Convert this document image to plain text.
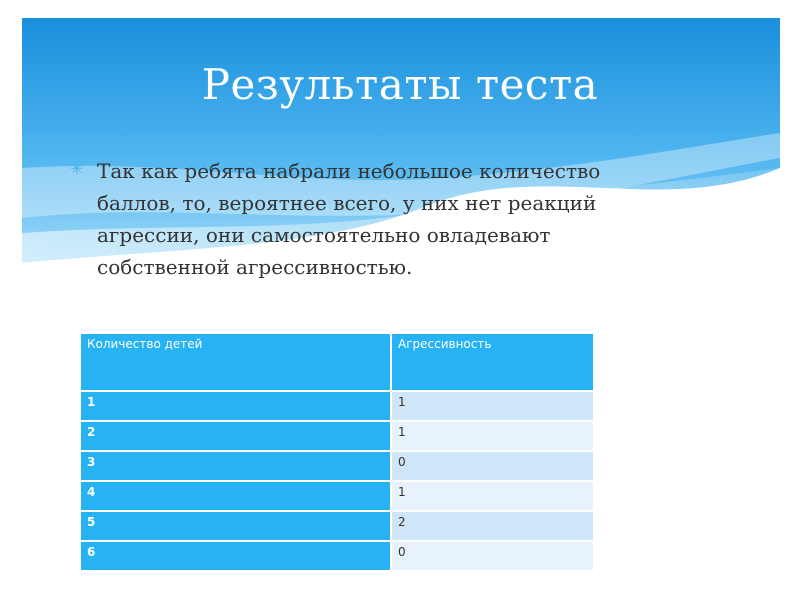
Результаты теста
✳ Так как ребята набрали небольшое количество баллов, то, вероятнее всего, у них нет реакций агрессии, они самостоятельно овладевают собственной агрессивностью.
Количество детей	Агрессивность
1	1
2	1
3	0
4	1
5	2
6	0
